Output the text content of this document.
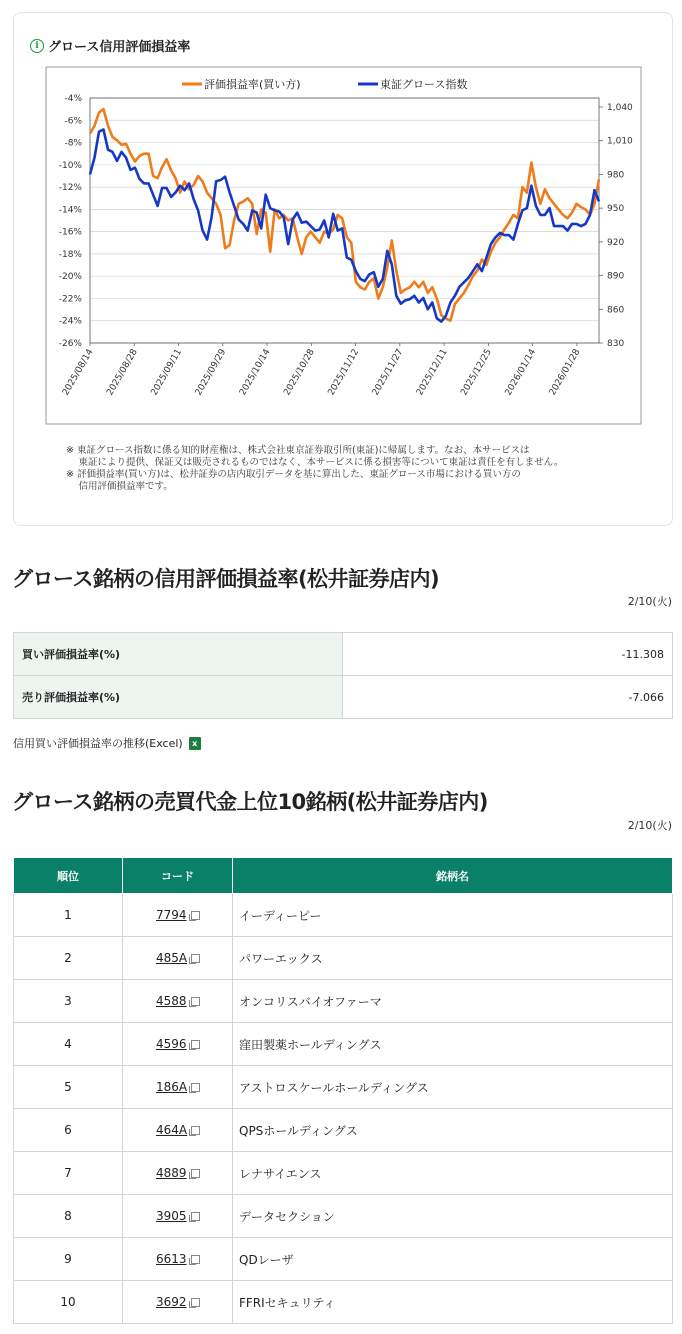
i グロース信用評価損益率
-4%
-6%
-8%
-10%
-12%
-14%
-16%
-18%
-20%
-22%
-24%
-26%
1,040
1,010
980
950
920
890
860
830
2025/08/14 2025/08/28 2025/09/11 2025/09/29 2025/10/14 2025/10/28 2025/11/12 2025/11/27 2025/12/11 2025/12/25 2026/01/14 2026/01/28
評価損益率(買い方)	東証グロース指数
※ 東証グロース指数に係る知的財産権は、株式会社東京証券取引所(東証)に帰属します。なお、本サービスは
　 東証により提供、保証又は販売されるものではなく、本サービスに係る損害等について東証は責任を有しません。
※ 評価損益率(買い方)は、松井証券の店内取引データを基に算出した、東証グロース市場における買い方の
　 信用評価損益率です。
グロース銘柄の信用評価損益率(松井証券店内)
2/10(火)
買い評価損益率(%)	-11.308
売り評価損益率(%)	-7.066
信用買い評価損益率の推移(Excel)	x
グロース銘柄の売買代金上位10銘柄(松井証券店内)
2/10(火)
順位	コード	銘柄名
1	7794	イーディーピー
2	485A	パワーエックス
3	4588	オンコリスバイオファーマ
4	4596	窪田製薬ホールディングス
5	186A	アストロスケールホールディングス
6	464A	QPSホールディングス
7	4889	レナサイエンス
8	3905	データセクション
9	6613	QDレーザ
10	3692	FFRIセキュリティ
